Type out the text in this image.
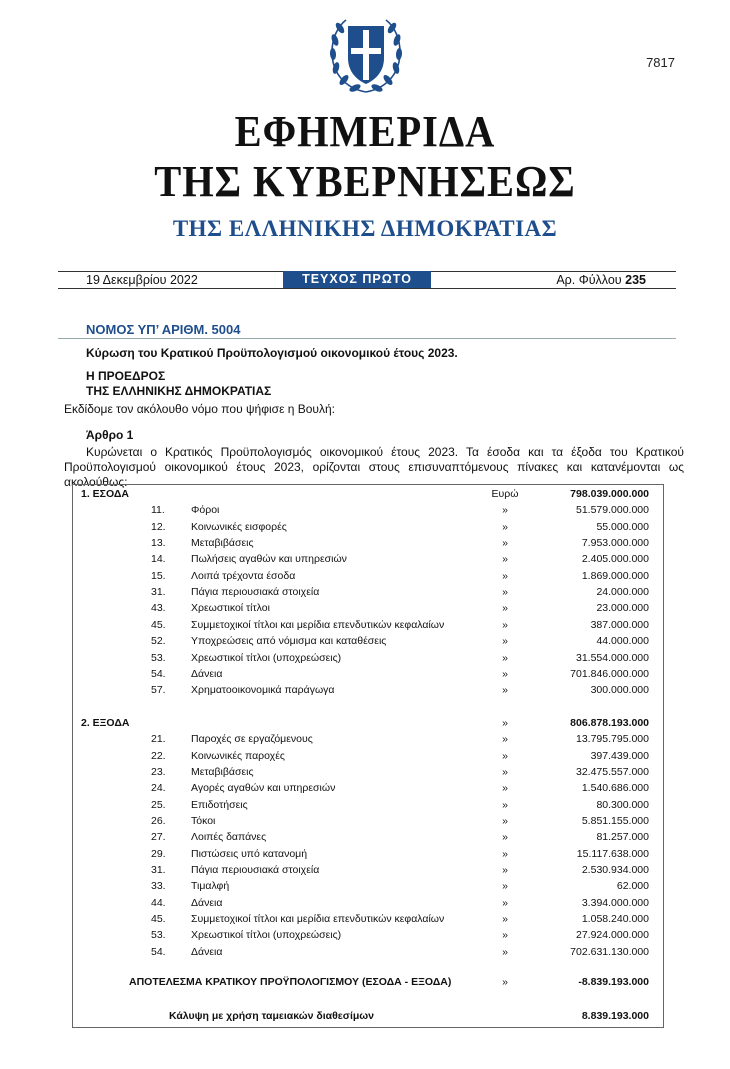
7817
ΕΦΗΜΕΡΙΔΑ
ΤΗΣ ΚΥΒΕΡΝΗΣΕΩΣ
ΤΗΣ ΕΛΛΗΝΙΚΗΣ ΔΗΜΟΚΡΑΤΙΑΣ
19 Δεκεμβρίου 2022	ΤΕΥΧΟΣ ΠΡΩΤΟ	Αρ. Φύλλου 235
ΝΟΜΟΣ ΥΠ’ ΑΡΙΘΜ. 5004
Κύρωση του Κρατικού Προϋπολογισμού οικονομικού έτους 2023.
Η ΠΡΟΕΔΡΟΣ
ΤΗΣ ΕΛΛΗΝΙΚΗΣ ΔΗΜΟΚΡΑΤΙΑΣ
Εκδίδομε τον ακόλουθο νόμο που ψήφισε η Βουλή:
Άρθρο 1
Κυρώνεται ο Κρατικός Προϋπολογισμός οικονομικού έτους 2023. Τα έσοδα και τα έξοδα του Κρατικού Προϋπολογισμού οικονομικού έτους 2023, ορίζονται στους επισυναπτόμενους πίνακες και κατανέμονται ως ακολούθως:
1. ΕΣΟΔΑ	Ευρώ	798.039.000.000
11.	Φόροι	»	51.579.000.000
12.	Κοινωνικές εισφορές	»	55.000.000
13.	Μεταβιβάσεις	»	7.953.000.000
14.	Πωλήσεις αγαθών και υπηρεσιών	»	2.405.000.000
15.	Λοιπά τρέχοντα έσοδα	»	1.869.000.000
31.	Πάγια περιουσιακά στοιχεία	»	24.000.000
43.	Χρεωστικοί τίτλοι	»	23.000.000
45.	Συμμετοχικοί τίτλοι και μερίδια επενδυτικών κεφαλαίων	»	387.000.000
52.	Υποχρεώσεις από νόμισμα και καταθέσεις	»	44.000.000
53.	Χρεωστικοί τίτλοι (υποχρεώσεις)	»	31.554.000.000
54.	Δάνεια	»	701.846.000.000
57.	Χρηματοοικονομικά παράγωγα	»	300.000.000
2. ΕΞΟΔΑ	»	806.878.193.000
21.	Παροχές σε εργαζόμενους	»	13.795.795.000
22.	Κοινωνικές παροχές	»	397.439.000
23.	Μεταβιβάσεις	»	32.475.557.000
24.	Αγορές αγαθών και υπηρεσιών	»	1.540.686.000
25.	Επιδοτήσεις	»	80.300.000
26.	Τόκοι	»	5.851.155.000
27.	Λοιπές δαπάνες	»	81.257.000
29.	Πιστώσεις υπό κατανομή	»	15.117.638.000
31.	Πάγια περιουσιακά στοιχεία	»	2.530.934.000
33.	Τιμαλφή	»	62.000
44.	Δάνεια	»	3.394.000.000
45.	Συμμετοχικοί τίτλοι και μερίδια επενδυτικών κεφαλαίων	»	1.058.240.000
53.	Χρεωστικοί τίτλοι (υποχρεώσεις)	»	27.924.000.000
54.	Δάνεια	»	702.631.130.000
ΑΠΟΤΕΛΕΣΜΑ ΚΡΑΤΙΚΟΥ ΠΡΟΫΠΟΛΟΓΙΣΜΟΥ (ΕΣΟΔΑ - ΕΞΟΔΑ)	»	-8.839.193.000
Κάλυψη με χρήση ταμειακών διαθεσίμων	8.839.193.000
